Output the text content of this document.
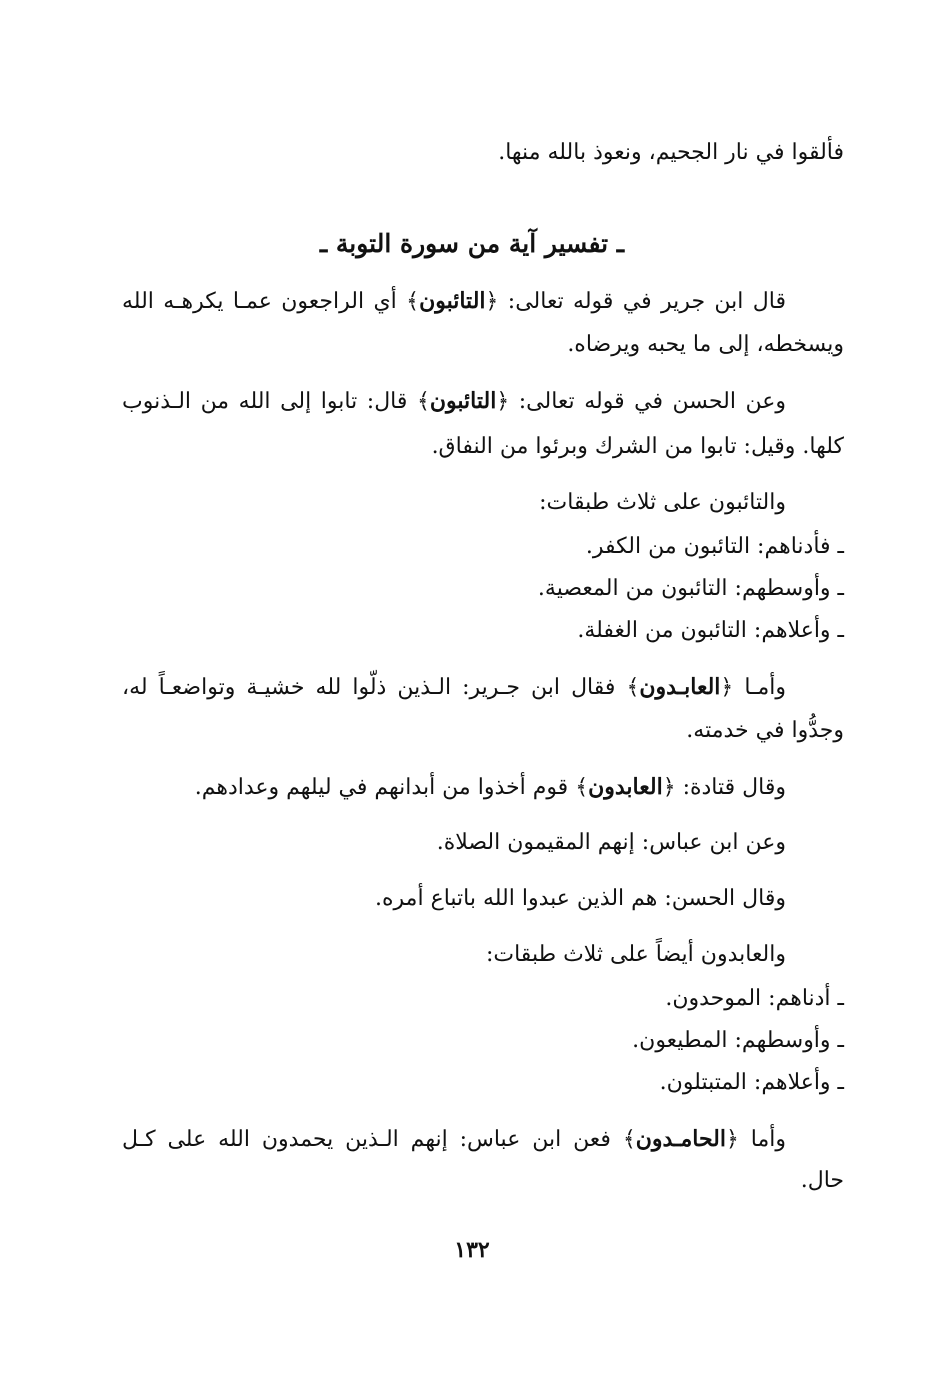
فألقوا في نار الجحيم، ونعوذ بالله منها.
ـ تفسير آية من سورة التوبة ـ
قال ابن جرير في قوله تعالى: ﴿التائبون﴾ أي الراجعون عمـا يكرهـه الله
ويسخطه، إلى ما يحبه ويرضاه.
وعن الحسن في قوله تعالى: ﴿التائبون﴾ قال: تابوا إلى الله من الـذنوب
كلها. وقيل: تابوا من الشرك وبرئوا من النفاق.
والتائبون على ثلاث طبقات:
ـ فأدناهم: التائبون من الكفر.
ـ وأوسطهم: التائبون من المعصية.
ـ وأعلاهم: التائبون من الغفلة.
وأمـا ﴿العابـدون﴾ فقال ابن جـرير: الـذين ذلّوا لله خشيـة وتواضعـاً له،
وجدُّوا في خدمته.
وقال قتادة: ﴿العابدون﴾ قوم أخذوا من أبدانهم في ليلهم وعدادهم.
وعن ابن عباس: إنهم المقيمون الصلاة.
وقال الحسن: هم الذين عبدوا الله باتباع أمره.
والعابدون أيضاً على ثلاث طبقات:
ـ أدناهم: الموحدون.
ـ وأوسطهم: المطيعون.
ـ وأعلاهم: المتبتلون.
وأما ﴿الحامـدون﴾ فعن ابن عباس: إنهم الـذين يحمدون الله على كـل
حال.
١٣٢
